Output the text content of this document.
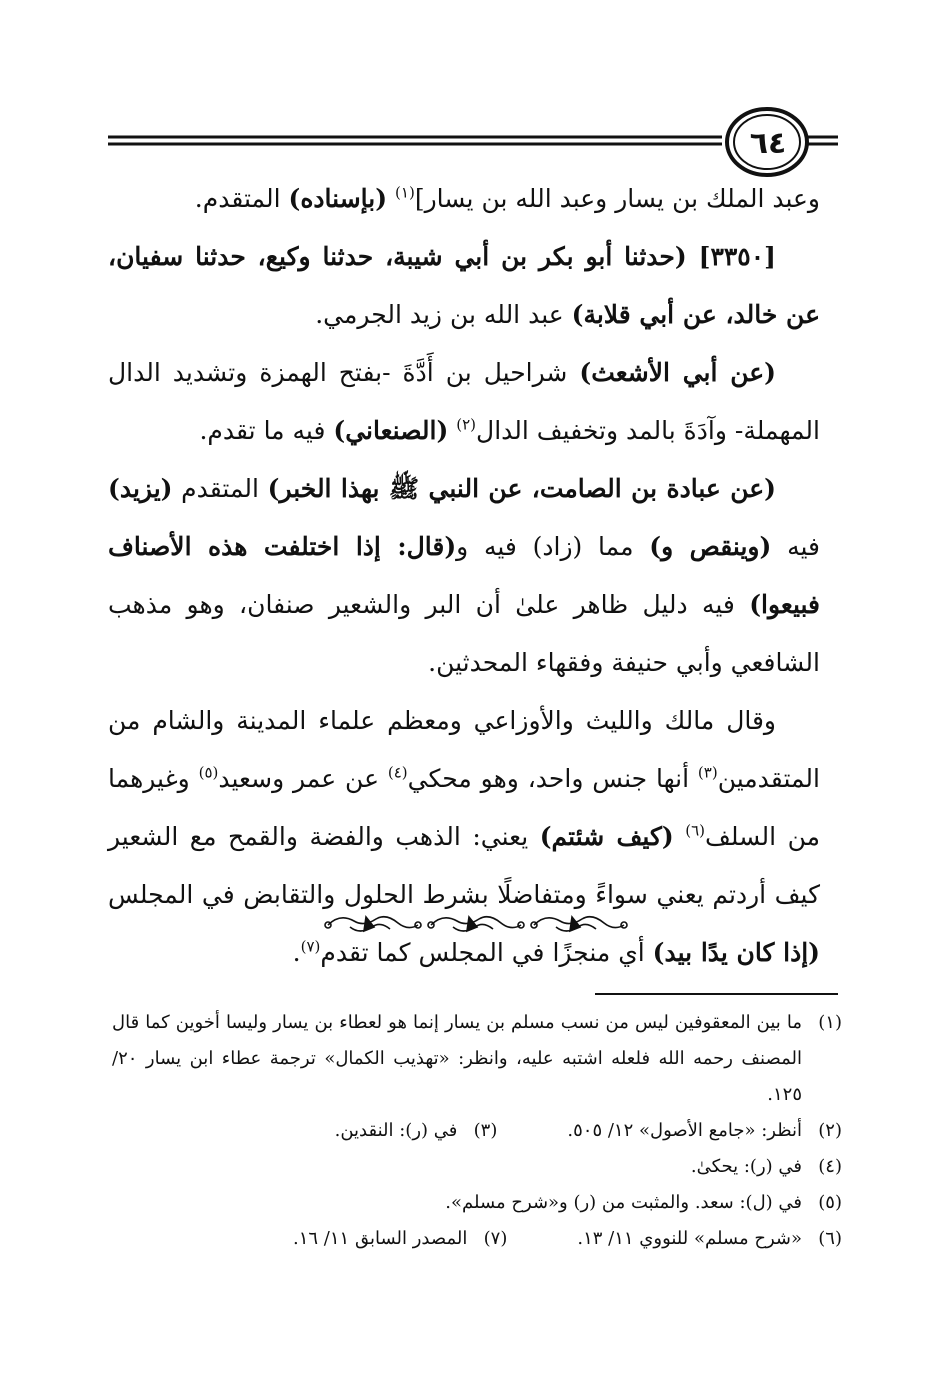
٦٤

وعبد الملك بن يسار وعبد الله بن يسار]$^{(١)}$ (بإسناده) المتقدم.

[٣٣٥٠] (حدثنا أبو بكر بن أبي شيبة، حدثنا وكيع، حدثنا سفيان، عن خالد، عن أبي قلابة) عبد الله بن زيد الجرمي.

(عن أبي الأشعث) شراحيل بن أَدَّةَ -بفتح الهمزة وتشديد الدال المهملة- وآدَةَ بالمد وتخفيف الدال$^{(٢)}$ (الصنعاني) فيه ما تقدم.

(عن عبادة بن الصامت، عن النبي ﷺ بهذا الخبر) المتقدم (يزيد) فيه (وينقص و) مما (زاد) فيه و(قال: إذا اختلفت هذه الأصناف فبيعوا) فيه دليل ظاهر علىٰ أن البر والشعير صنفان، وهو مذهب الشافعي وأبي حنيفة وفقهاء المحدثين.

وقال مالك والليث والأوزاعي ومعظم علماء المدينة والشام من المتقدمين$^{(٣)}$ أنها جنس واحد، وهو محكي$^{(٤)}$ عن عمر وسعيد$^{(٥)}$ وغيرهما من السلف$^{(٦)}$ (كيف شئتم) يعني: الذهب والفضة والقمح مع الشعير كيف أردتم يعني سواءً ومتفاضلًا بشرط الحلول والتقابض في المجلس (إذا كان يدًا بيد) أي منجزًا في المجلس كما تقدم$^{(٧)}$.

(١)
ما بين المعقوفين ليس من نسب مسلم بن يسار إنما هو لعطاء بن يسار وليسا أخوين كما قال المصنف رحمه الله فلعله اشتبه عليه، وانظر: «تهذيب الكمال» ترجمة عطاء ابن يسار ٢٠/ ١٢٥.
(٢)
أنظر: «جامع الأصول» ١٢/ ٥٠٥.
(٣)
في (ر): النقدين.
(٤)
في (ر): يحكىٰ.
(٥)
في (ل): سعد. والمثبت من (ر) و«شرح مسلم».
(٦)
«شرح مسلم» للنووي ١١/ ١٣.
(٧)
المصدر السابق ١١/ ١٦.
